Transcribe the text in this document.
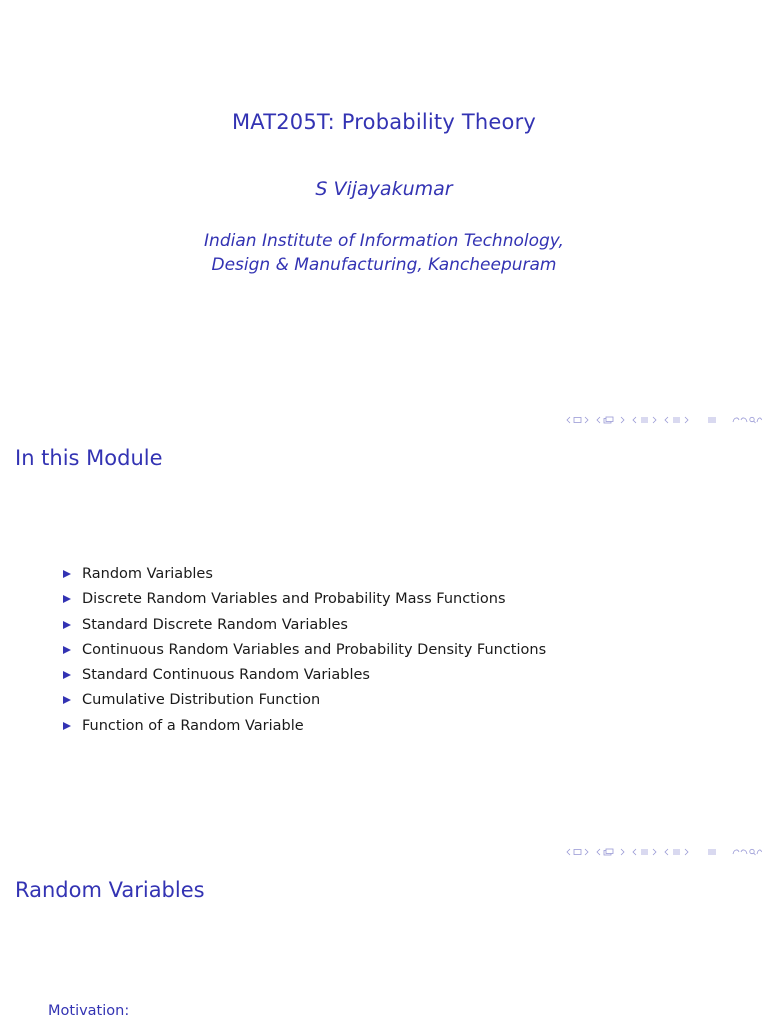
MAT205T: Probability Theory
S Vijayakumar
Indian Institute of Information Technology,
Design & Manufacturing, Kancheepuram
In this Module
Random Variables
Discrete Random Variables and Probability Mass Functions
Standard Discrete Random Variables
Continuous Random Variables and Probability Density Functions
Standard Continuous Random Variables
Cumulative Distribution Function
Function of a Random Variable
Random Variables
Motivation:
